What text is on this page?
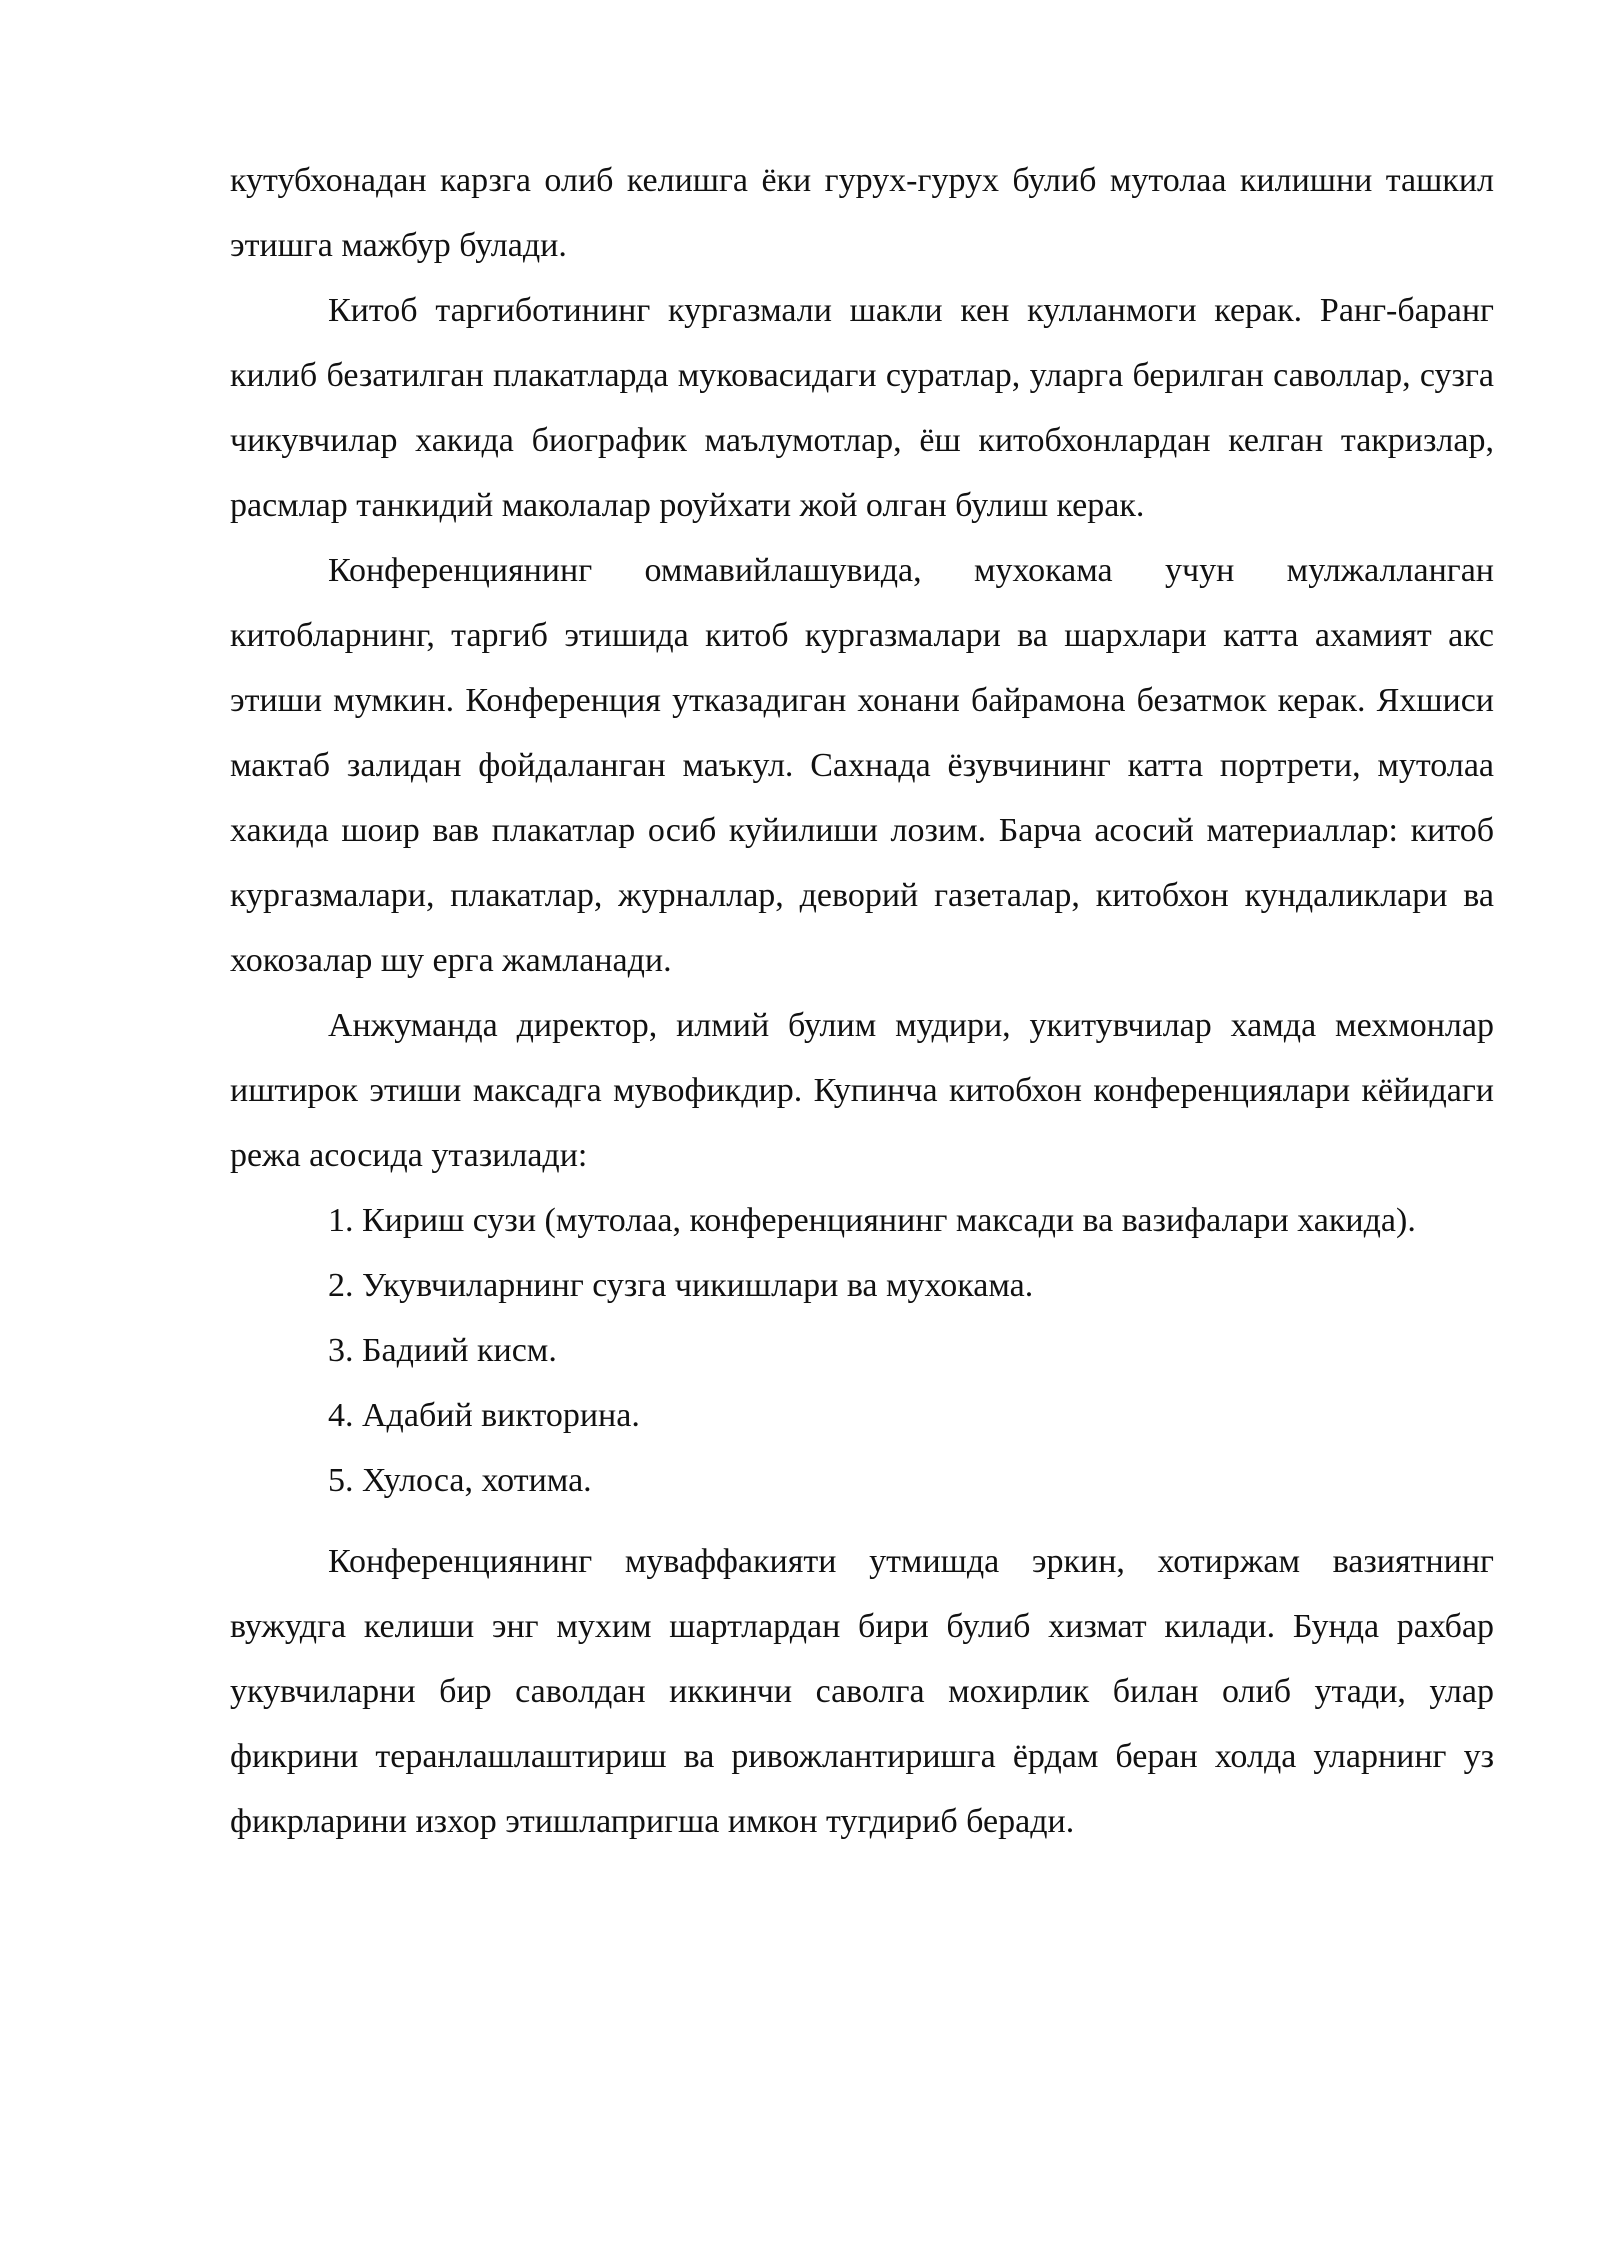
кутубхонадан карзга олиб келишга ёки гурух-гурух булиб мутолаа килишни ташкил этишга мажбур булади.

Китоб таргиботининг кургазмали шакли кен кулланмоги керак. Ранг-баранг килиб безатилган плакатларда муковасидаги суратлар, уларга берилган саволлар, сузга чикувчилар хакида биографик маълумотлар, ёш китобхонлардан келган такризлар, расмлар танкидий маколалар роуйхати жой олган булиш керак.

Конференциянинг оммавийлашувида, мухокама учун мулжалланган китобларнинг, таргиб этишида китоб кургазмалари ва шархлари катта ахамият акс этиши мумкин. Конференция утказадиган хонани байрамона безатмок керак. Яхшиси мактаб залидан фойдаланган маъкул. Сахнада ёзувчининг катта портрети, мутолаа хакида шоир вав плакатлар осиб куйилиши лозим. Барча асосий материаллар: китоб кургазмалари, плакатлар, журналлар, деворий газеталар, китобхон кундаликлари ва хокозалар шу ерга жамланади.

Анжуманда директор, илмий булим мудири, укитувчилар хамда мехмонлар иштирок этиши максадга мувофикдир. Купинча китобхон конференциялари кёйидаги режа асосида утазилади:

1. Кириш сузи (мутолаа, конференциянинг максади ва вазифалари хакида).
2. Укувчиларнинг сузга чикишлари ва мухокама.
3. Бадиий кисм.
4. Адабий викторина.
5. Хулоса, хотима.

Конференциянинг муваффакияти утмишда эркин, хотиржам вазиятнинг вужудга келиши энг мухим шартлардан бири булиб хизмат килади. Бунда рахбар укувчиларни бир саволдан иккинчи саволга мохирлик билан олиб утади, улар фикрини теранлашлаштириш ва ривожлантиришга ёрдам беран холда уларнинг уз фикрларини изхор этишлапригша имкон тугдириб беради.
